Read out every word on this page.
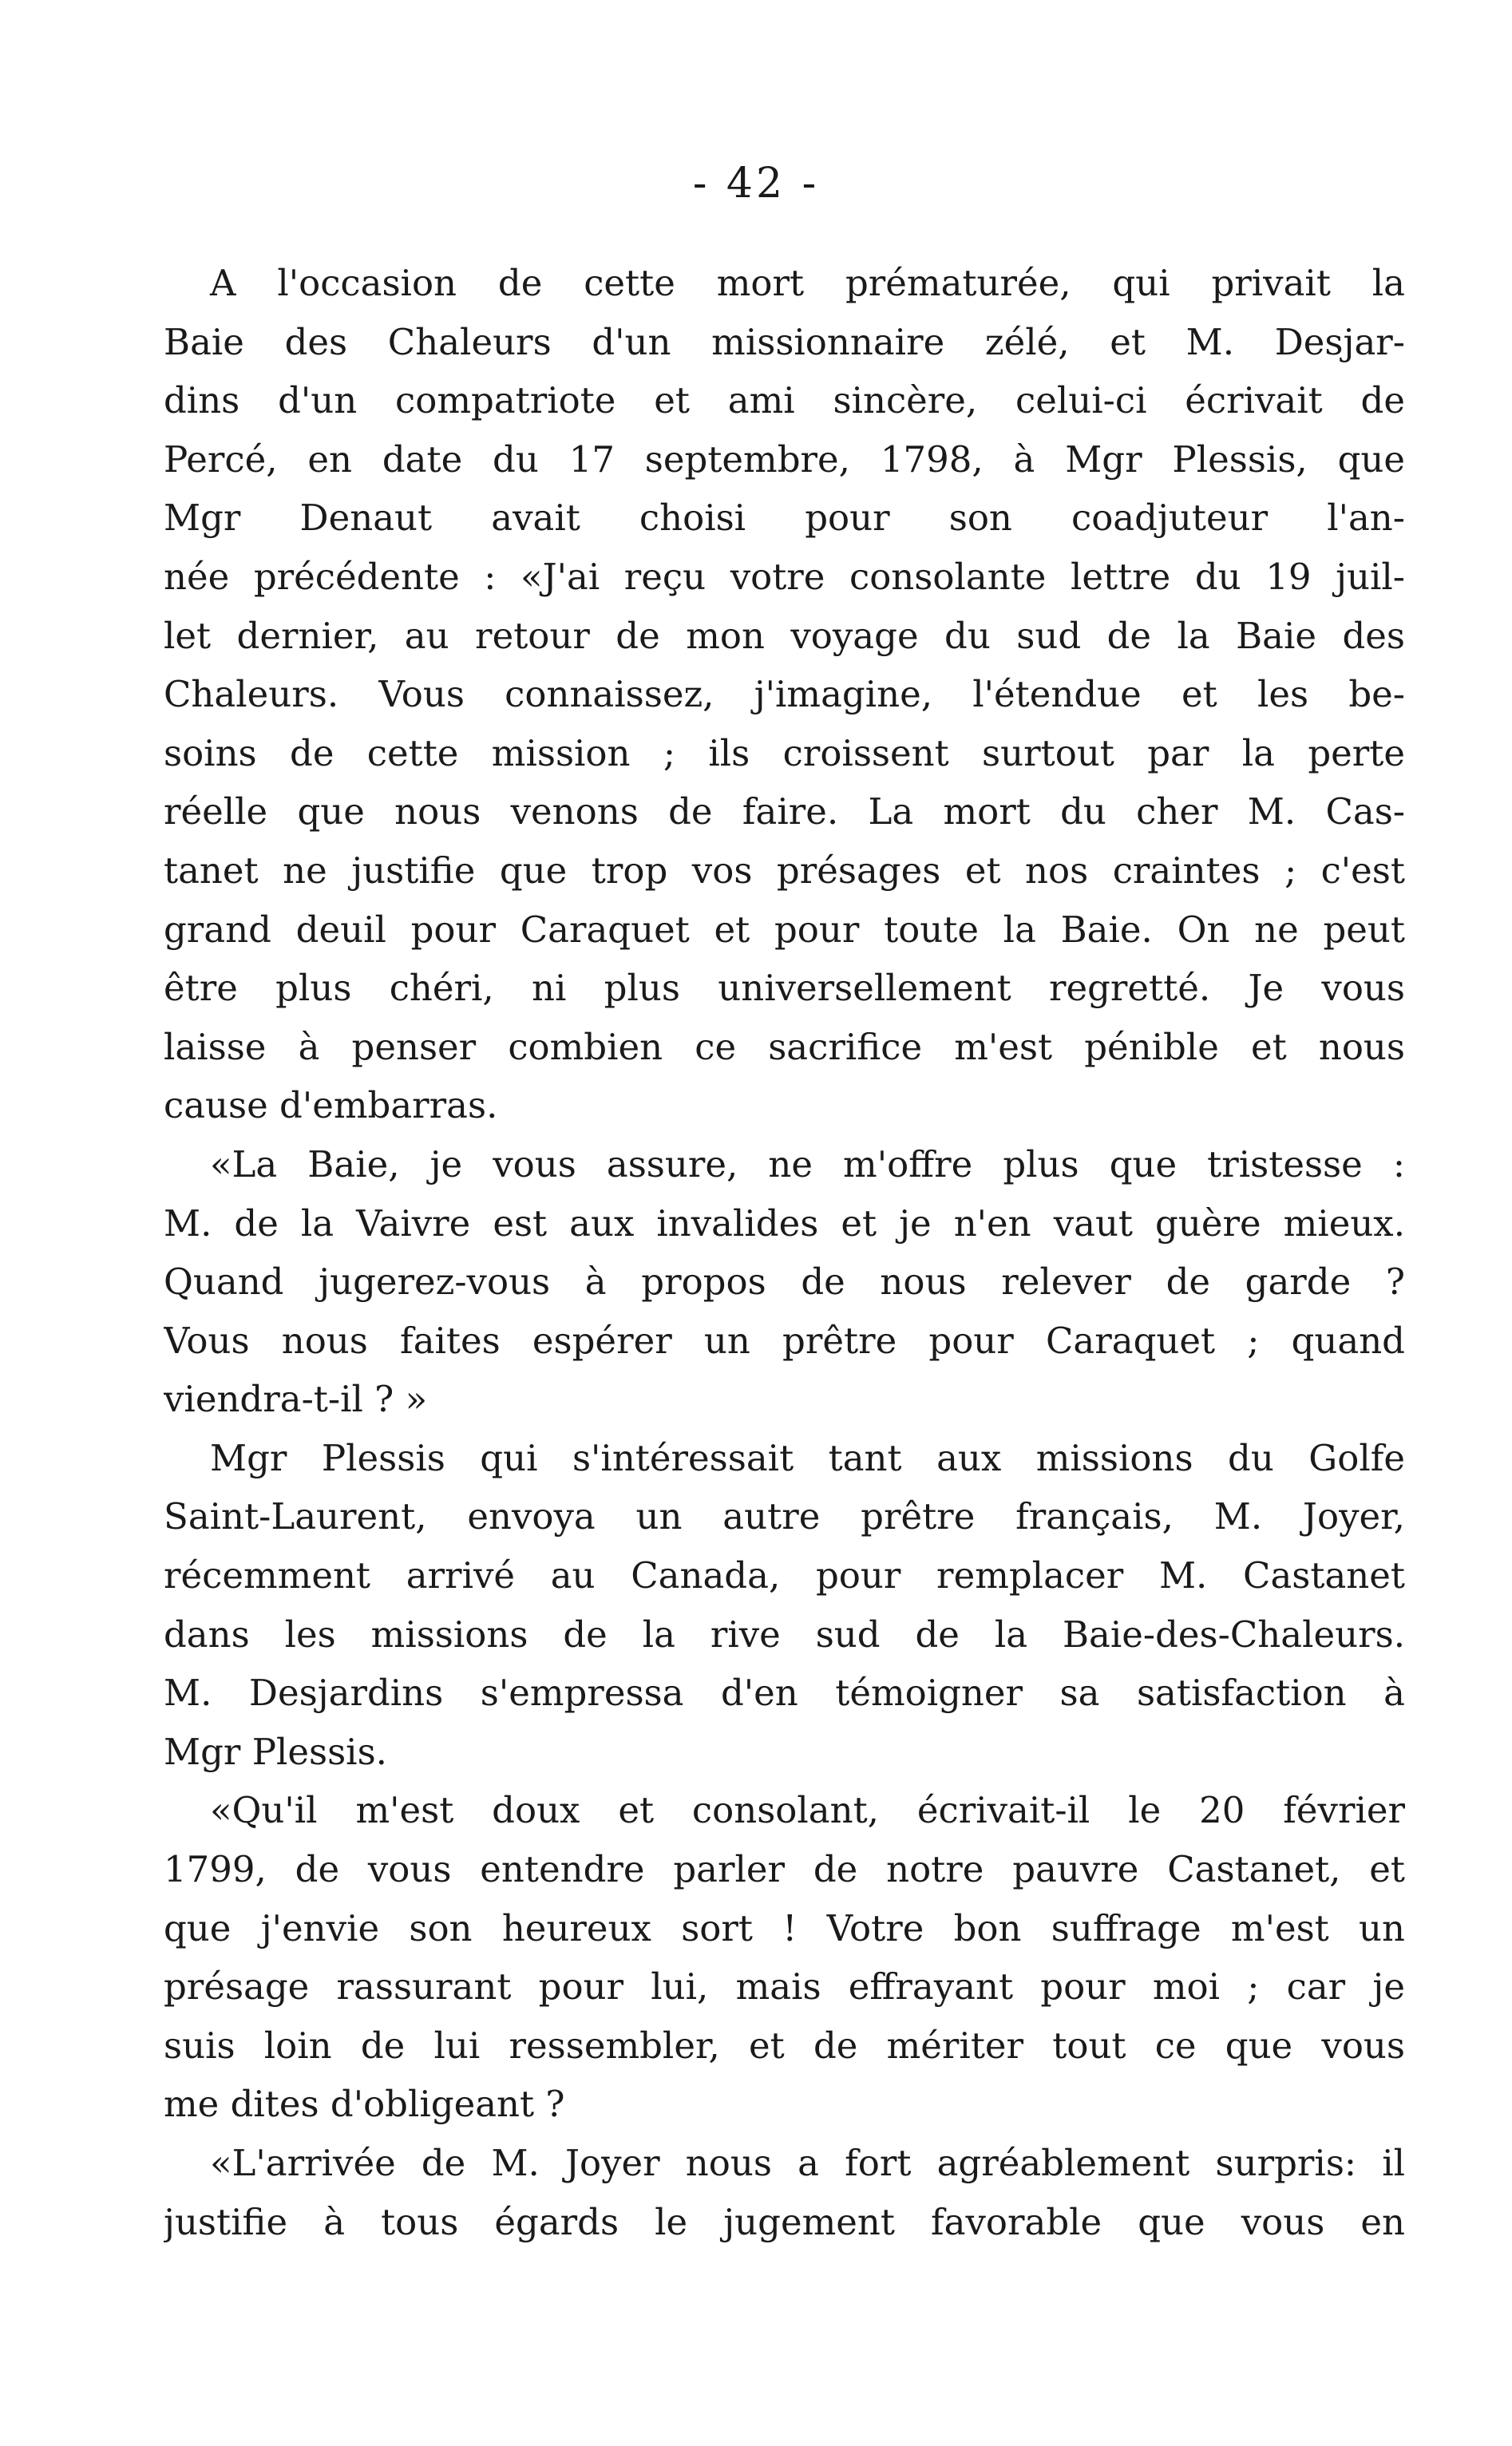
- 42 -
A l'occasion de cette mort prématurée, qui privait la
Baie des Chaleurs d'un missionnaire zélé, et M. Desjar-
dins d'un compatriote et ami sincère, celui-ci écrivait de
Percé, en date du 17 septembre, 1798, à Mgr Plessis, que
Mgr Denaut avait choisi pour son coadjuteur l'an-
née précédente : «J'ai reçu votre consolante lettre du 19 juil-
let dernier, au retour de mon voyage du sud de la Baie des
Chaleurs. Vous connaissez, j'imagine, l'étendue et les be-
soins de cette mission ; ils croissent surtout par la perte
réelle que nous venons de faire. La mort du cher M. Cas-
tanet ne justifie que trop vos présages et nos craintes ; c'est
grand deuil pour Caraquet et pour toute la Baie. On ne peut
être plus chéri, ni plus universellement regretté. Je vous
laisse à penser combien ce sacrifice m'est pénible et nous
cause d'embarras.
«La Baie, je vous assure, ne m'offre plus que tristesse :
M. de la Vaivre est aux invalides et je n'en vaut guère mieux.
Quand jugerez-vous à propos de nous relever de garde ?
Vous nous faites espérer un prêtre pour Caraquet ; quand
viendra-t-il ? »
Mgr Plessis qui s'intéressait tant aux missions du Golfe
Saint-Laurent, envoya un autre prêtre français, M. Joyer,
récemment arrivé au Canada, pour remplacer M. Castanet
dans les missions de la rive sud de la Baie-des-Chaleurs.
M. Desjardins s'empressa d'en témoigner sa satisfaction à
Mgr Plessis.
«Qu'il m'est doux et consolant, écrivait-il le 20 février
1799, de vous entendre parler de notre pauvre Castanet, et
que j'envie son heureux sort ! Votre bon suffrage m'est un
présage rassurant pour lui, mais effrayant pour moi ; car je
suis loin de lui ressembler, et de mériter tout ce que vous
me dites d'obligeant ?
«L'arrivée de M. Joyer nous a fort agréablement surpris: il
justifie à tous égards le jugement favorable que vous en
